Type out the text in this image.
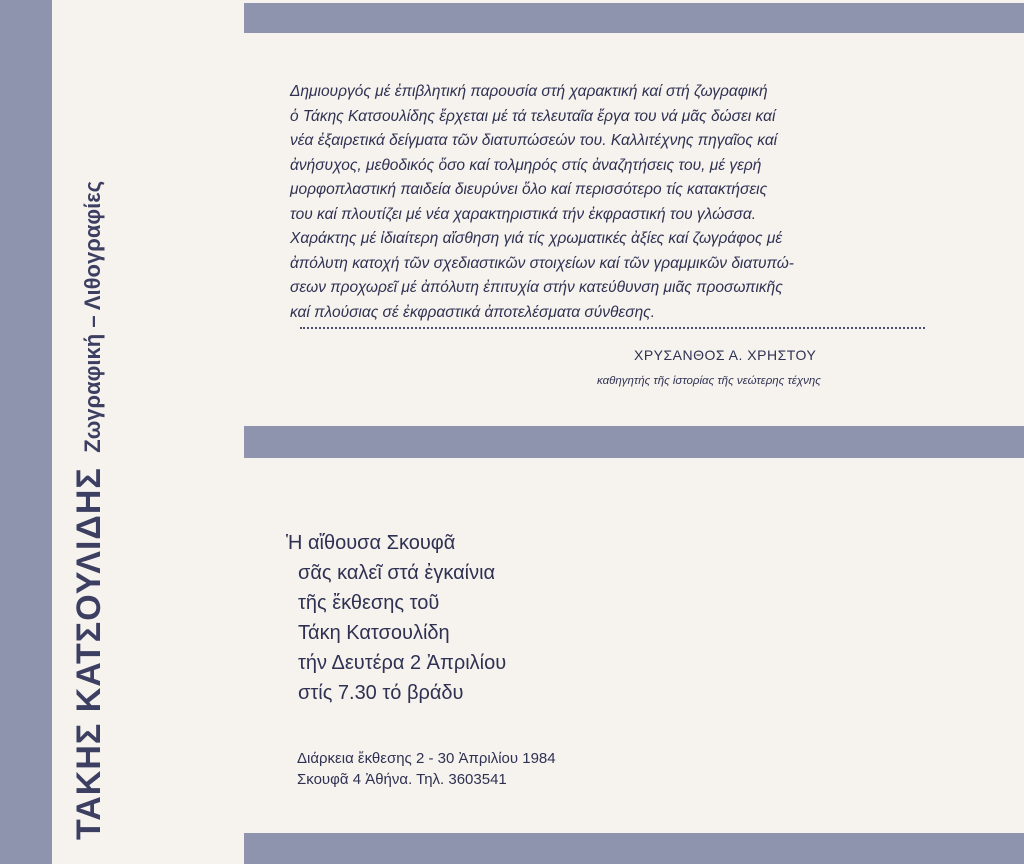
ΤΑΚΗΣ ΚΑΤΣΟΥΛΙΔΗΣ Ζωγραφική – Λιθογραφίες
Δημιουργός μέ ἐπιβλητική παρουσία στή χαρακτική καί στή ζωγραφική
ὁ Τάκης Κατσουλίδης ἔρχεται μέ τά τελευταῖα ἔργα του νά μᾶς δώσει καί
νέα ἐξαιρετικά δείγματα τῶν διατυπώσεών του. Καλλιτέχνης πηγαῖος καί
ἀνήσυχος, μεθοδικός ὅσο καί τολμηρός στίς ἀναζητήσεις του, μέ γερή
μορφοπλαστική παιδεία διευρύνει ὅλο καί περισσότερο τίς κατακτήσεις
του καί πλουτίζει μέ νέα χαρακτηριστικά τήν ἐκφραστική του γλώσσα.
Χαράκτης μέ ἰδιαίτερη αἴσθηση γιά τίς χρωματικές ἀξίες καί ζωγράφος μέ
ἀπόλυτη κατοχή τῶν σχεδιαστικῶν στοιχείων καί τῶν γραμμικῶν διατυπώ-
σεων προχωρεῖ μέ ἀπόλυτη ἐπιτυχία στήν κατεύθυνση μιᾶς προσωπικῆς
καί πλούσιας σέ ἐκφραστικά ἀποτελέσματα σύνθεσης.
ΧΡΥΣΑΝΘΟΣ Α. ΧΡΗΣΤΟΥ
καθηγητής τῆς ἱστορίας τῆς νεώτερης τέχνης
Ἡ αἴθουσα Σκουφᾶ
σᾶς καλεῖ στά ἐγκαίνια
τῆς ἔκθεσης τοῦ
Τάκη Κατσουλίδη
τήν Δευτέρα 2 Ἀπριλίου
στίς 7.30 τό βράδυ
Διάρκεια ἔκθεσης 2 - 30 Ἀπριλίου 1984
Σκουφᾶ 4 Ἀθήνα. Τηλ. 3603541
